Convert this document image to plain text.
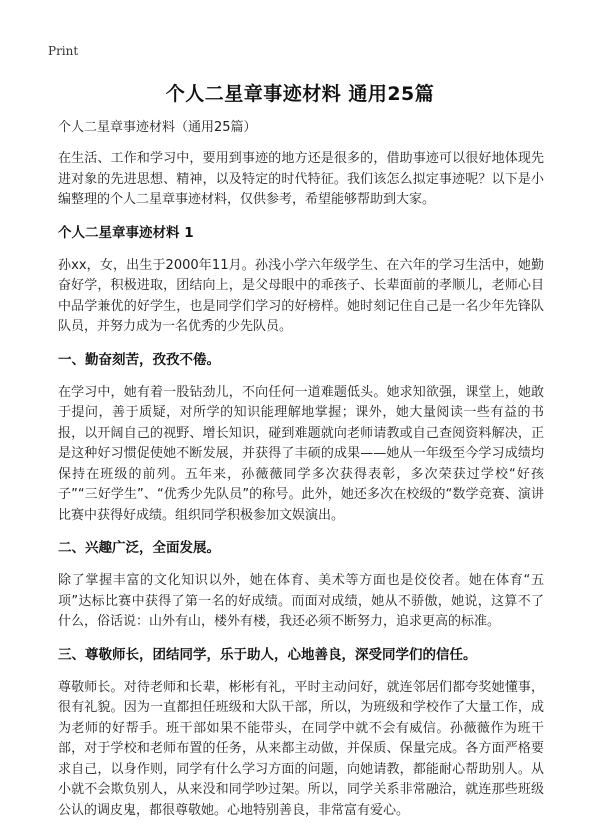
Print
个人二星章事迹材料 通用25篇
个人二星章事迹材料（通用25篇）

在生活、工作和学习中，要用到事迹的地方还是很多的，借助事迹可以很好地体现先进对象的先进思想、精神，以及特定的时代特征。我们该怎么拟定事迹呢？以下是小编整理的个人二星章事迹材料，仅供参考，希望能够帮助到大家。

个人二星章事迹材料 1

孙xx，女，出生于2000年11月。孙浅小学六年级学生、在六年的学习生活中，她勤奋好学，积极进取，团结向上，是父母眼中的乖孩子、长辈面前的孝顺儿，老师心目中品学兼优的好学生，也是同学们学习的好榜样。她时刻记住自己是一名少年先锋队队员，并努力成为一名优秀的少先队员。

一、勤奋刻苦，孜孜不倦。

在学习中，她有着一股钻劲儿，不向任何一道难题低头。她求知欲强，课堂上，她敢于提问，善于质疑，对所学的知识能理解地掌握；课外，她大量阅读一些有益的书报，以开阔自己的视野、增长知识，碰到难题就向老师请教或自己查阅资料解决，正是这种好习惯促使她不断发展，并获得了丰硕的成果——她从一年级至今学习成绩均保持在班级的前列。五年来，孙薇薇同学多次获得表彰，多次荣获过学校“好孩子”“三好学生”、“优秀少先队员”的称号。此外，她还多次在校级的“数学竞赛、演讲比赛中获得好成绩。组织同学积极参加文娱演出。

二、兴趣广泛，全面发展。

除了掌握丰富的文化知识以外，她在体育、美术等方面也是佼佼者。她在体育“五项”达标比赛中获得了第一名的好成绩。而面对成绩，她从不骄傲，她说，这算不了什么，俗话说：山外有山，楼外有楼，我还必须不断努力，追求更高的标准。

三、尊敬师长，团结同学，乐于助人，心地善良，深受同学们的信任。

尊敬师长。对待老师和长辈，彬彬有礼，平时主动问好，就连邻居们都夸奖她懂事，很有礼貌。因为一直都担任班级和大队干部，所以，为班级和学校作了大量工作，成为老师的好帮手。班干部如果不能带头，在同学中就不会有威信。孙薇薇作为班干部，对于学校和老师布置的任务，从来都主动做，并保质、保量完成。各方面严格要求自己，以身作则，同学有什么学习方面的问题，向她请教，都能耐心帮助别人。从小就不会欺负别人，从来没和同学吵过架。所以，同学关系非常融洽，就连那些班级公认的调皮鬼，都很尊敬她。心地特别善良，非常富有爱心。
